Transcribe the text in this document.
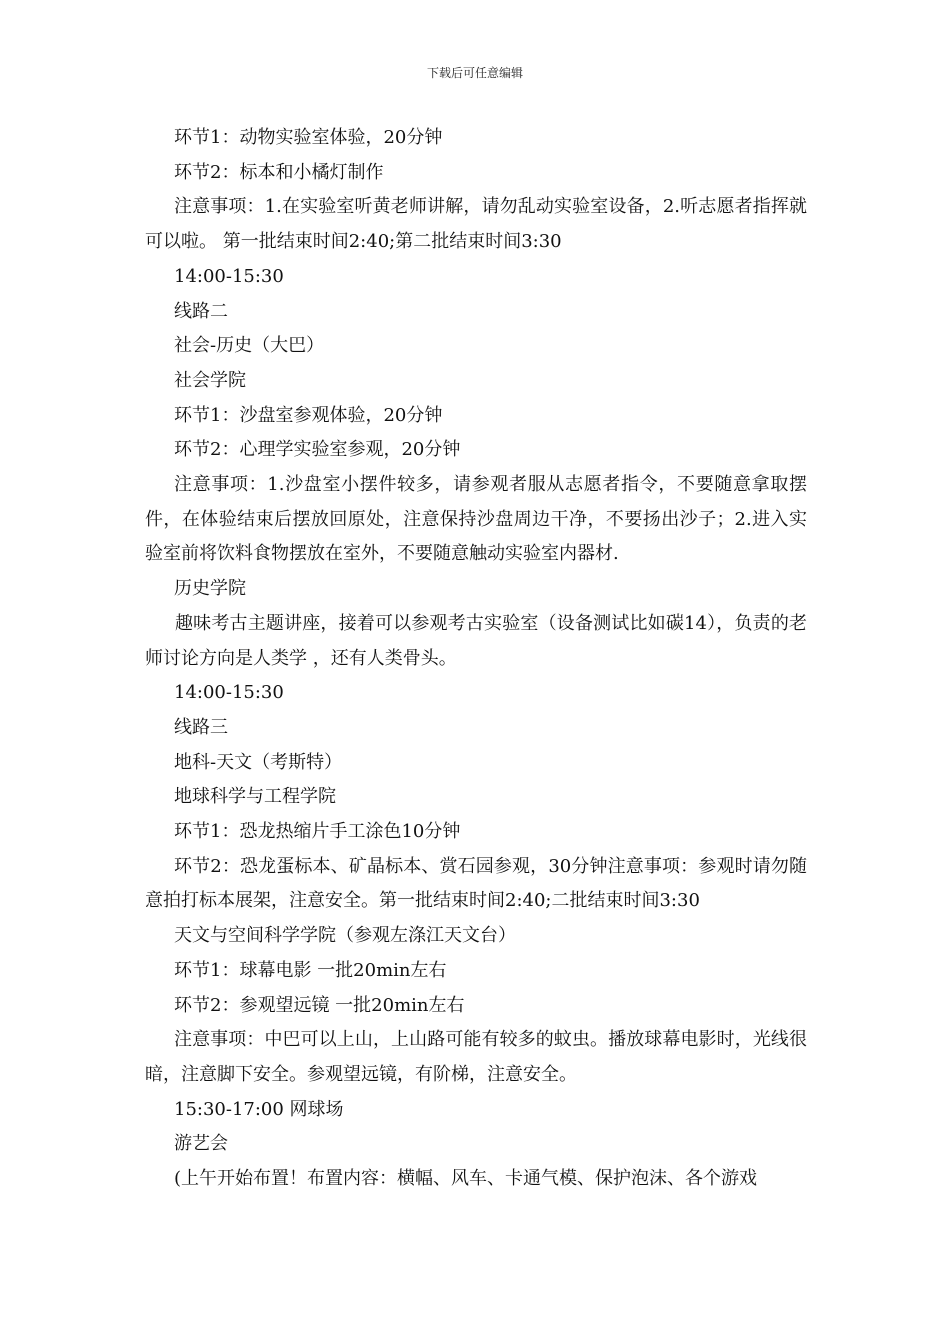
下载后可任意编辑

环节1：动物实验室体验，20分钟

环节2：标本和小橘灯制作

注意事项：1.在实验室听黄老师讲解，请勿乱动实验室设备，2.听志愿者指挥就可以啦。 第一批结束时间2:40;第二批结束时间3:30

14:00-15:30

线路二

社会-历史（大巴）

社会学院

环节1：沙盘室参观体验，20分钟

环节2：心理学实验室参观，20分钟

注意事项：1.沙盘室小摆件较多，请参观者服从志愿者指令，不要随意拿取摆件，在体验结束后摆放回原处，注意保持沙盘周边干净，不要扬出沙子；2.进入实验室前将饮料食物摆放在室外，不要随意触动实验室内器材.

历史学院

趣味考古主题讲座，接着可以参观考古实验室（设备测试比如碳14），负责的老师讨论方向是人类学 ，还有人类骨头。

14:00-15:30

线路三

地科-天文（考斯特）

地球科学与工程学院

环节1：恐龙热缩片手工涂色10分钟

环节2：恐龙蛋标本、矿晶标本、赏石园参观，30分钟注意事项：参观时请勿随意拍打标本展架，注意安全。第一批结束时间2:40;二批结束时间3:30

天文与空间科学学院（参观左涤江天文台）

环节1：球幕电影 一批20min左右

环节2：参观望远镜 一批20min左右

注意事项：中巴可以上山，上山路可能有较多的蚊虫。播放球幕电影时，光线很暗，注意脚下安全。参观望远镜，有阶梯，注意安全。

15:30-17:00 网球场

游艺会

(上午开始布置！布置内容：横幅、风车、卡通气模、保护泡沫、各个游戏
